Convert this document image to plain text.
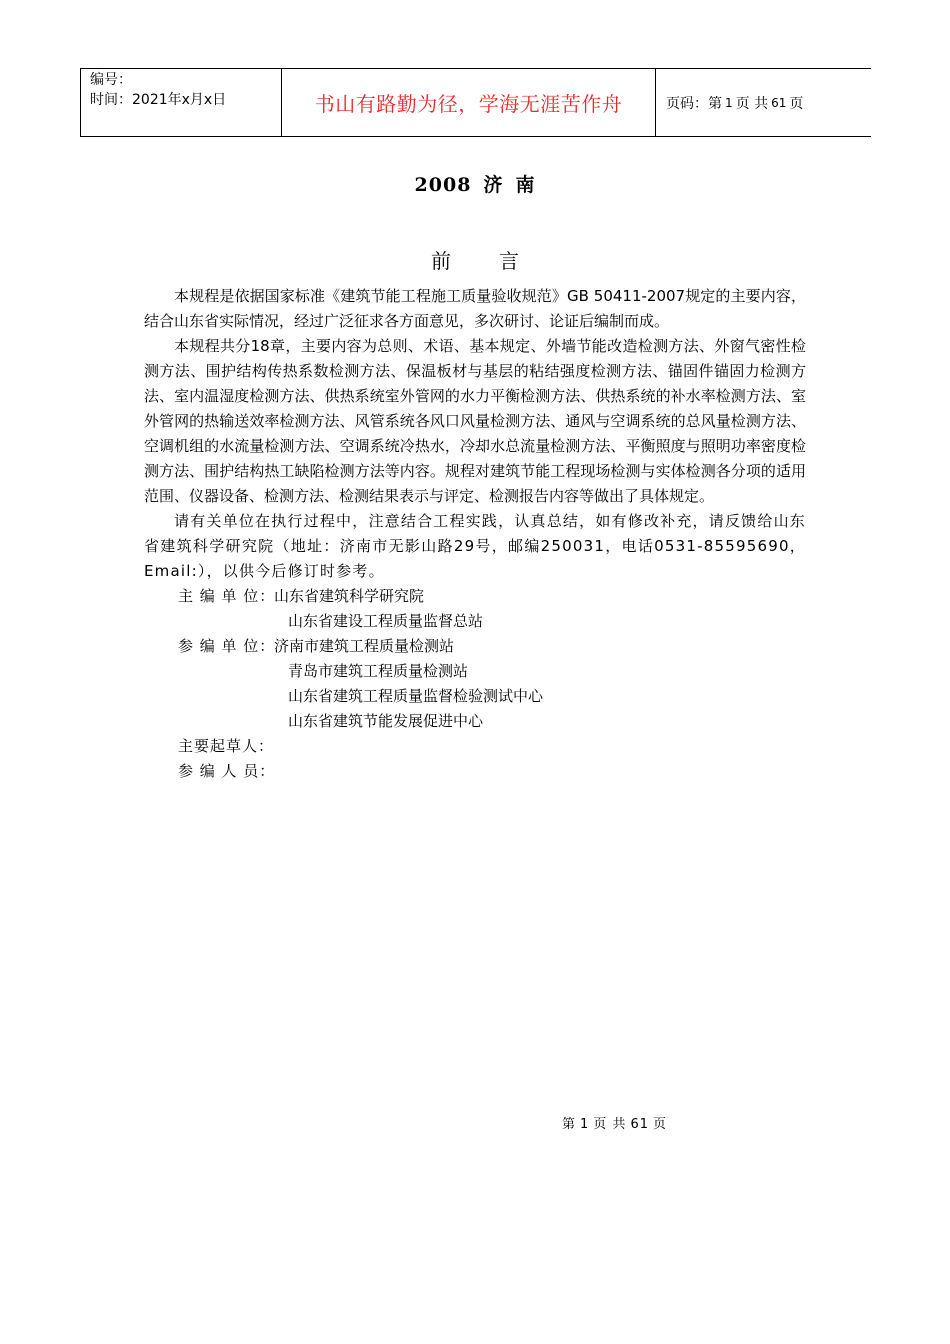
编号：
时间：2021年x月x日	书山有路勤为径，学海无涯苦作舟	页码：第 1 页 共 61 页
2008 济 南
前言

本规程是依据国家标准《建筑节能工程施工质量验收规范》GB 50411-2007规定的主要内容，结合山东省实际情况，经过广泛征求各方面意见，多次研讨、论证后编制而成。

本规程共分18章，主要内容为总则、术语、基本规定、外墙节能改造检测方法、外窗气密性检测方法、围护结构传热系数检测方法、保温板材与基层的粘结强度检测方法、锚固件锚固力检测方法、室内温湿度检测方法、供热系统室外管网的水力平衡检测方法、供热系统的补水率检测方法、室外管网的热输送效率检测方法、风管系统各风口风量检测方法、通风与空调系统的总风量检测方法、空调机组的水流量检测方法、空调系统冷热水，冷却水总流量检测方法、平衡照度与照明功率密度检测方法、围护结构热工缺陷检测方法等内容。规程对建筑节能工程现场检测与实体检测各分项的适用范围、仪器设备、检测方法、检测结果表示与评定、检测报告内容等做出了具体规定。

请有关单位在执行过程中，注意结合工程实践，认真总结，如有修改补充，请反馈给山东省建筑科学研究院（地址：济南市无影山路29号，邮编250031，电话0531-85595690，Email:），以供今后修订时参考。

主 编 单 位：
山东省建筑科学研究院
山东省建设工程质量监督总站
参 编 单 位：
济南市建筑工程质量检测站
青岛市建筑工程质量检测站
山东省建筑工程质量监督检验测试中心
山东省建筑节能发展促进中心
主要起草人：
参 编 人 员：
第 1 页 共 61 页
